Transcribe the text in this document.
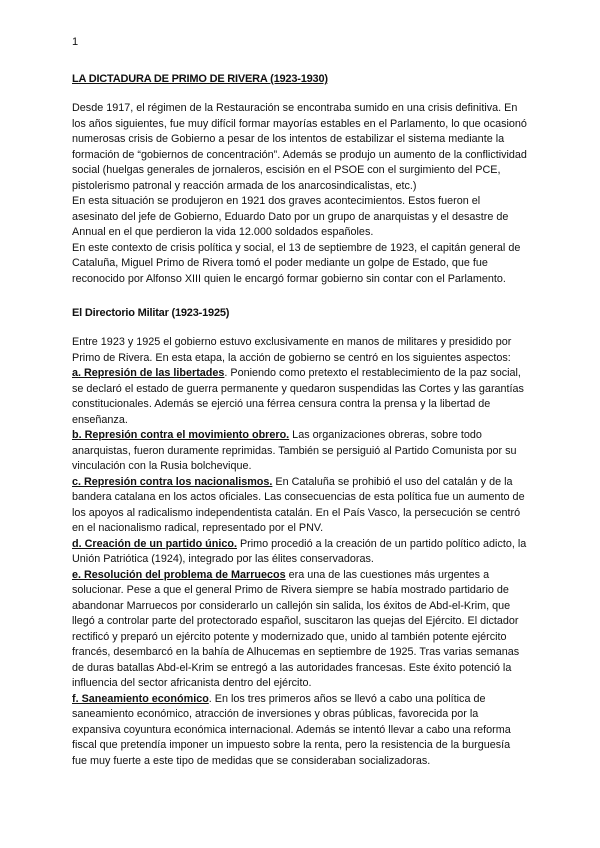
1
LA DICTADURA DE PRIMO DE RIVERA (1923-1930)

Desde 1917, el régimen de la Restauración se encontraba sumido en una crisis definitiva. En los años siguientes, fue muy difícil formar mayorías estables en el Parlamento, lo que ocasionó numerosas crisis de Gobierno a pesar de los intentos de estabilizar el sistema mediante la formación de “gobiernos de concentración”. Además se produjo un aumento de la conflictividad social (huelgas generales de jornaleros, escisión en el PSOE con el surgimiento del PCE, pistolerismo patronal y reacción armada de los anarcosindicalistas, etc.)

En esta situación se produjeron en 1921 dos graves acontecimientos. Estos fueron el asesinato del jefe de Gobierno, Eduardo Dato por un grupo de anarquistas y el desastre de Annual en el que perdieron la vida 12.000 soldados españoles.

En este contexto de crisis política y social, el 13 de septiembre de 1923, el capitán general de Cataluña, Miguel Primo de Rivera tomó el poder mediante un golpe de Estado, que fue reconocido por Alfonso XIII quien le encargó formar gobierno sin contar con el Parlamento.

El Directorio Militar (1923-1925)

Entre 1923 y 1925 el gobierno estuvo exclusivamente en manos de militares y presidido por Primo de Rivera. En esta etapa, la acción de gobierno se centró en los siguientes aspectos:

a. Represión de las libertades. Poniendo como pretexto el restablecimiento de la paz social, se declaró el estado de guerra permanente y quedaron suspendidas las Cortes y las garantías constitucionales. Además se ejerció una férrea censura contra la prensa y la libertad de enseñanza.

b. Represión contra el movimiento obrero. Las organizaciones obreras, sobre todo anarquistas, fueron duramente reprimidas. También se persiguió al Partido Comunista por su vinculación con la Rusia bolchevique.

c. Represión contra los nacionalismos. En Cataluña se prohibió el uso del catalán y de la bandera catalana en los actos oficiales. Las consecuencias de esta política fue un aumento de los apoyos al radicalismo independentista catalán. En el País Vasco, la persecución se centró en el nacionalismo radical, representado por el PNV.

d. Creación de un partido único. Primo procedió a la creación de un partido político adicto, la Unión Patriótica (1924), integrado por las élites conservadoras.

e. Resolución del problema de Marruecos era una de las cuestiones más urgentes a solucionar. Pese a que el general Primo de Rivera siempre se había mostrado partidario de abandonar Marruecos por considerarlo un callejón sin salida, los éxitos de Abd-el-Krim, que llegó a controlar parte del protectorado español, suscitaron las quejas del Ejército. El dictador rectificó y preparó un ejército potente y modernizado que, unido al también potente ejército francés, desembarcó en la bahía de Alhucemas en septiembre de 1925. Tras varias semanas de duras batallas Abd-el-Krim se entregó a las autoridades francesas. Este éxito potenció la influencia del sector africanista dentro del ejército.

f. Saneamiento económico. En los tres primeros años se llevó a cabo una política de saneamiento económico, atracción de inversiones y obras públicas, favorecida por la expansiva coyuntura económica internacional. Además se intentó llevar a cabo una reforma fiscal que pretendía imponer un impuesto sobre la renta, pero la resistencia de la burguesía fue muy fuerte a este tipo de medidas que se consideraban socializadoras.
